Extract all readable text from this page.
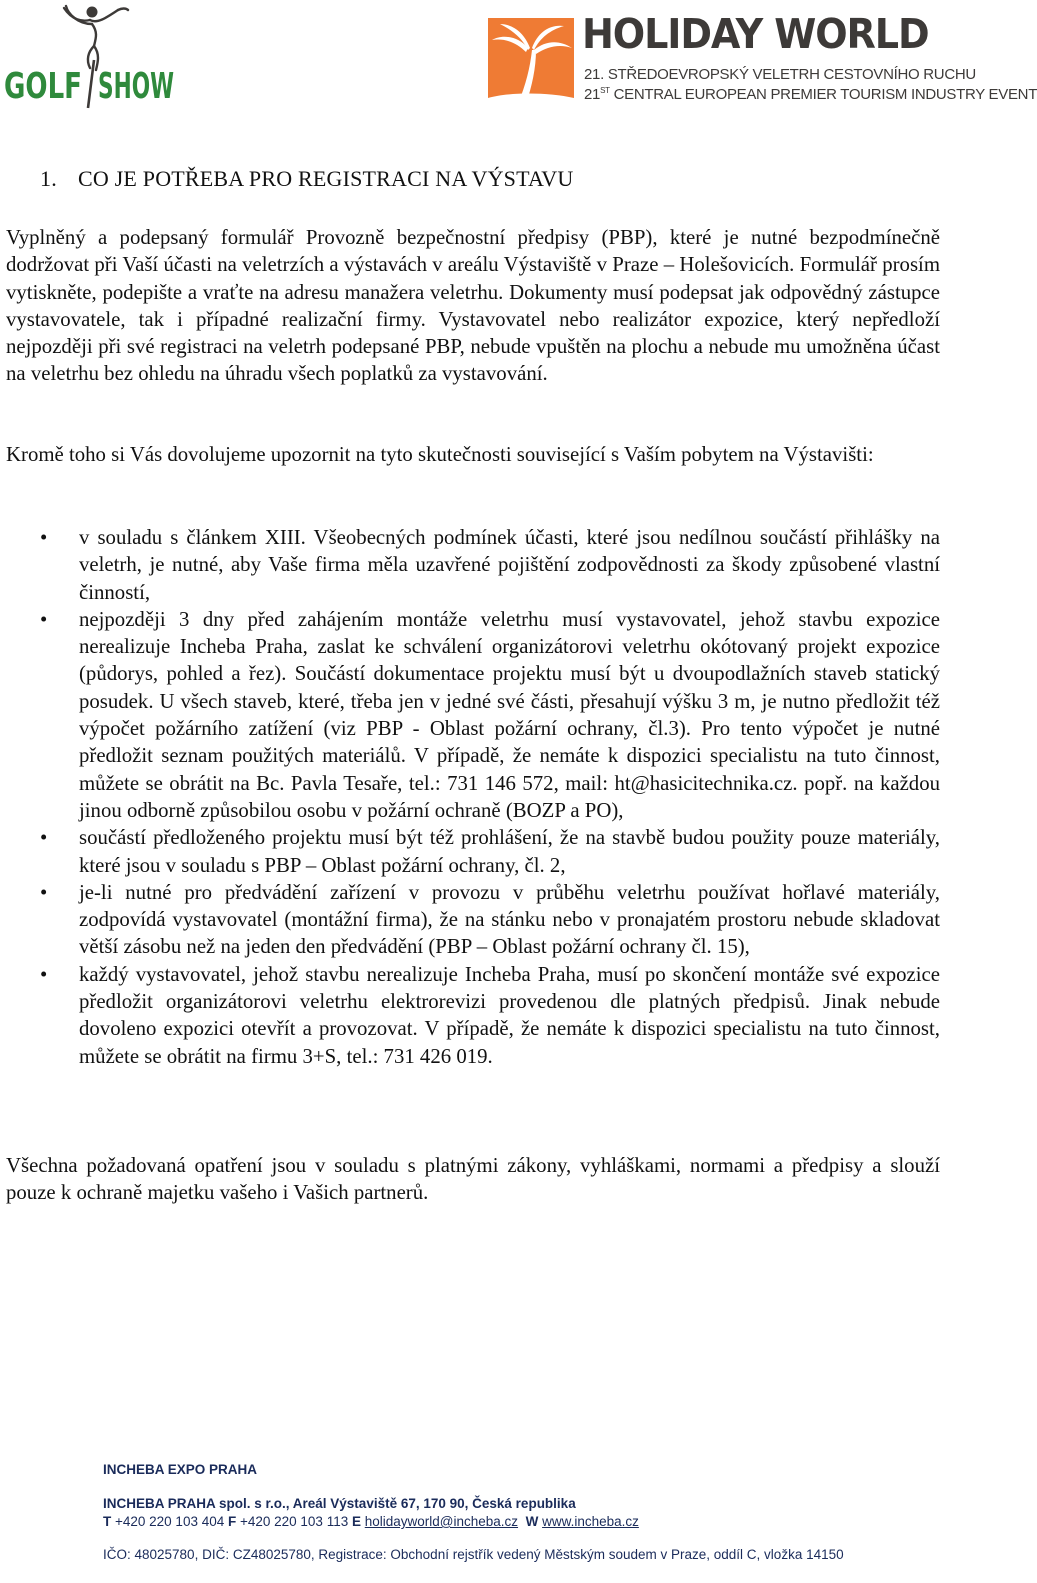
GOLF SHOW
HOLIDAY WORLD
21. STŘEDOEVROPSKÝ VELETRH CESTOVNÍHO RUCHU
21ST CENTRAL EUROPEAN PREMIER TOURISM INDUSTRY EVENT
1. CO JE POTŘEBA PRO REGISTRACI NA VÝSTAVU

Vyplněný a podepsaný formulář Provozně bezpečnostní předpisy (PBP), které je nutné bezpodmínečně dodržovat při Vaší účasti na veletrzích a výstavách v areálu Výstaviště v Praze – Holešovicích. Formulář prosím vytiskněte, podepište a vraťte na adresu manažera veletrhu. Dokumenty musí podepsat jak odpovědný zástupce vystavovatele, tak i případné realizační firmy. Vystavovatel nebo realizátor expozice, který nepředloží nejpozději při své registraci na veletrh podepsané PBP, nebude vpuštěn na plochu a nebude mu umožněna účast na veletrhu bez ohledu na úhradu všech poplatků za vystavování.

Kromě toho si Vás dovolujeme upozornit na tyto skutečnosti související s Vaším pobytem na Výstavišti:

• v souladu s článkem XIII. Všeobecných podmínek účasti, které jsou nedílnou součástí přihlášky na veletrh, je nutné, aby Vaše firma měla uzavřené pojištění zodpovědnosti za škody způsobené vlastní činností,
• nejpozději 3 dny před zahájením montáže veletrhu musí vystavovatel, jehož stavbu expozice nerealizuje Incheba Praha, zaslat ke schválení organizátorovi veletrhu okótovaný projekt expozice (půdorys, pohled a řez). Součástí dokumentace projektu musí být u dvoupodlažních staveb statický posudek. U všech staveb, které, třeba jen v jedné své části, přesahují výšku 3 m, je nutno předložit též výpočet požárního zatížení (viz PBP - Oblast požární ochrany, čl.3). Pro tento výpočet je nutné předložit seznam použitých materiálů. V případě, že nemáte k dispozici specialistu na tuto činnost, můžete se obrátit na Bc. Pavla Tesaře, tel.: 731 146 572, mail: ht@hasicitechnika.cz. popř. na každou jinou odborně způsobilou osobu v požární ochraně (BOZP a PO),
• součástí předloženého projektu musí být též prohlášení, že na stavbě budou použity pouze materiály, které jsou v souladu s PBP – Oblast požární ochrany, čl. 2,
• je-li nutné pro předvádění zařízení v provozu v průběhu veletrhu používat hořlavé materiály, zodpovídá vystavovatel (montážní firma), že na stánku nebo v pronajatém prostoru nebude skladovat větší zásobu než na jeden den předvádění (PBP – Oblast požární ochrany čl. 15),
• každý vystavovatel, jehož stavbu nerealizuje Incheba Praha, musí po skončení montáže své expozice předložit organizátorovi veletrhu elektrorevizi provedenou dle platných předpisů. Jinak nebude dovoleno expozici otevřít a provozovat. V případě, že nemáte k dispozici specialistu na tuto činnost, můžete se obrátit na firmu 3+S, tel.: 731 426 019.

Všechna požadovaná opatření jsou v souladu s platnými zákony, vyhláškami, normami a předpisy a slouží pouze k ochraně majetku vašeho i Vašich partnerů.

INCHEBA EXPO PRAHA
INCHEBA PRAHA spol. s r.o., Areál Výstaviště 67, 170 90, Česká republika
T +420 220 103 404 F +420 220 103 113 E holidayworld@incheba.cz W www.incheba.cz
IČO: 48025780, DIČ: CZ48025780, Registrace: Obchodní rejstřík vedený Městským soudem v Praze, oddíl C, vložka 14150
